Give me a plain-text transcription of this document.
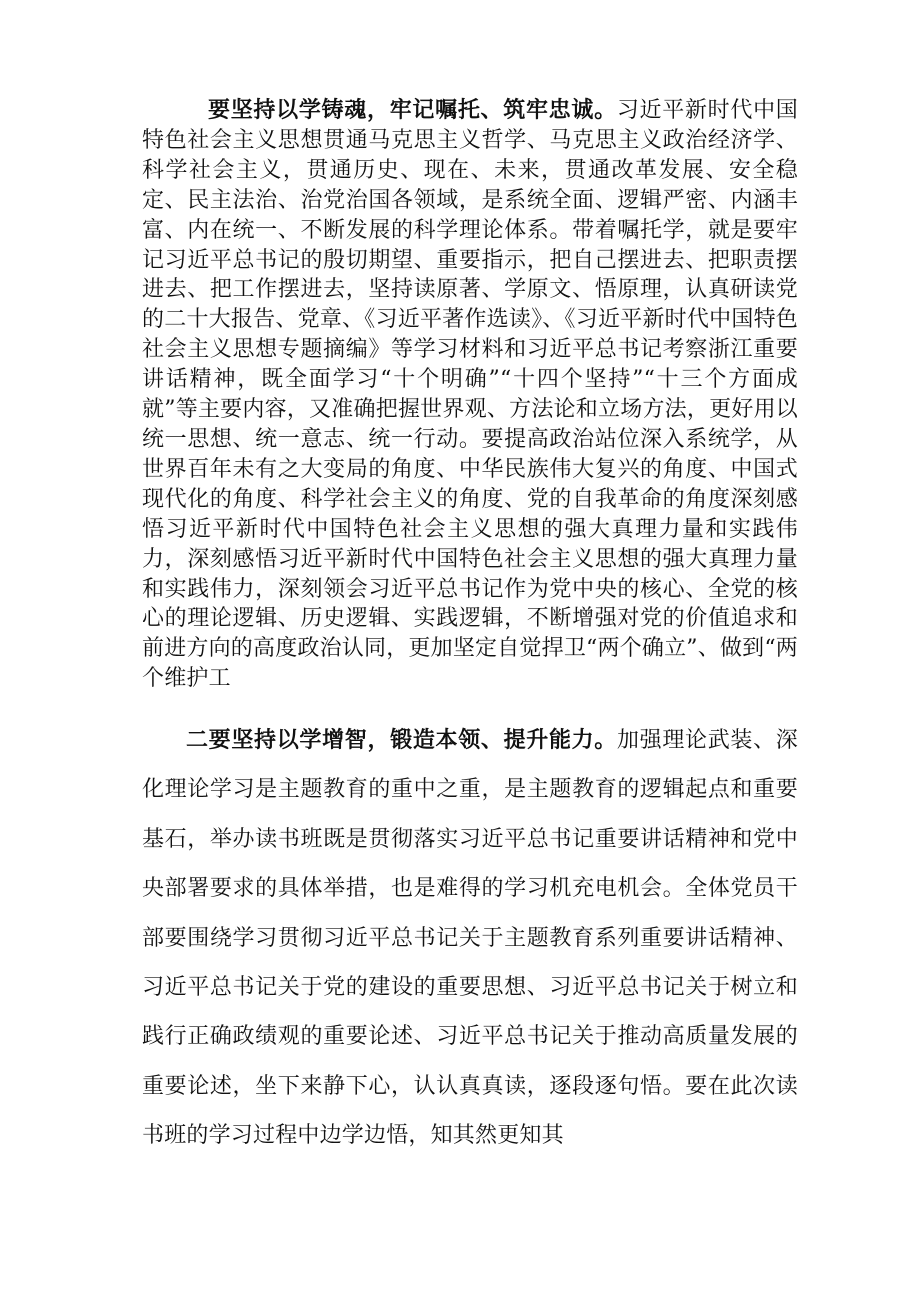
要坚持以学铸魂，牢记嘱托、筑牢忠诚。习近平新时代中国特色社会主义思想贯通马克思主义哲学、马克思主义政治经济学、科学社会主义，贯通历史、现在、未来，贯通改革发展、安全稳定、民主法治、治党治国各领域，是系统全面、逻辑严密、内涵丰富、内在统一、不断发展的科学理论体系。带着嘱托学，就是要牢记习近平总书记的殷切期望、重要指示，把自己摆进去、把职责摆进去、把工作摆进去，坚持读原著、学原文、悟原理，认真研读党的二十大报告、党章、《习近平著作选读》、《习近平新时代中国特色社会主义思想专题摘编》等学习材料和习近平总书记考察浙江重要讲话精神，既全面学习“十个明确”“十四个坚持”“十三个方面成就”等主要内容，又准确把握世界观、方法论和立场方法，更好用以统一思想、统一意志、统一行动。要提高政治站位深入系统学，从世界百年未有之大变局的角度、中华民族伟大复兴的角度、中国式现代化的角度、科学社会主义的角度、党的自我革命的角度深刻感悟习近平新时代中国特色社会主义思想的强大真理力量和实践伟力，深刻感悟习近平新时代中国特色社会主义思想的强大真理力量和实践伟力，深刻领会习近平总书记作为党中央的核心、全党的核心的理论逻辑、历史逻辑、实践逻辑，不断增强对党的价值追求和前进方向的高度政治认同，更加坚定自觉捍卫“两个确立”、做到“两个维护工

二要坚持以学增智，锻造本领、提升能力。加强理论武装、深化理论学习是主题教育的重中之重，是主题教育的逻辑起点和重要基石，举办读书班既是贯彻落实习近平总书记重要讲话精神和党中央部署要求的具体举措，也是难得的学习机充电机会。全体党员干部要围绕学习贯彻习近平总书记关于主题教育系列重要讲话精神、习近平总书记关于党的建设的重要思想、习近平总书记关于树立和践行正确政绩观的重要论述、习近平总书记关于推动高质量发展的重要论述，坐下来静下心，认认真真读，逐段逐句悟。要在此次读书班的学习过程中边学边悟，知其然更知其
